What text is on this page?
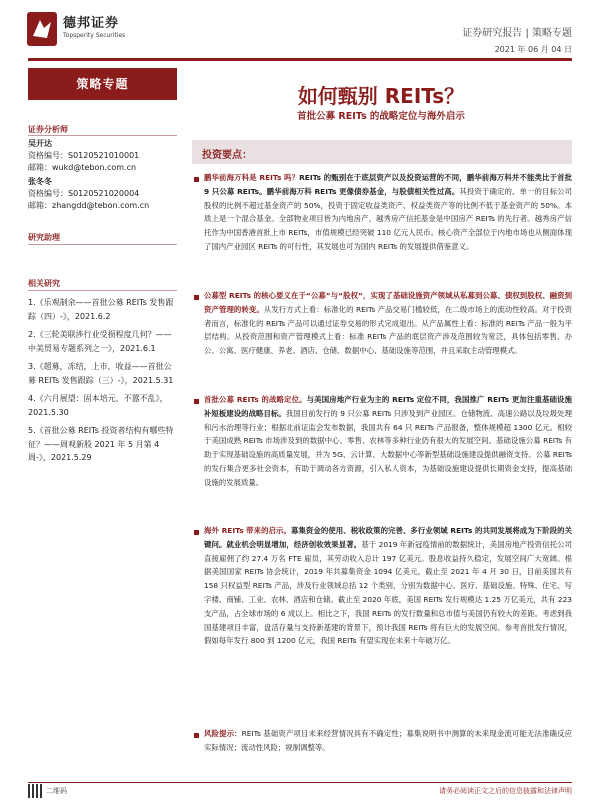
德邦证券
Topsperity Securities	证券研究报告 | 策略专题
2021 年 06 月 04 日
策略专题
证券分析师
吴开达
资格编号：S0120521010001
邮箱：wukd@tebon.com.cn
张冬冬
资格编号：S0120521020004
邮箱：zhangdd@tebon.com.cn
研究助理
相关研究

1.《乐观制余——首批公募 REITs 发售跟踪（四）-》，2021.6.2

2.《三轮美联涉行业受损程度几何？——中美贸易专题系列之一》，2021.6.1

3.《超募，冻结，上市，收益——首批公募 REITs 发售跟踪（三）-》，2021.5.31

4.《六月展望：固本培元，不嚣不乱》，2021.5.30

5.《首批公募 REITs 投资者结构有哪些特征？——周观新股 2021 年 5 月第 4 周-》，2021.5.29

如何甄别 REITs？
首批公募 REITs 的战略定位与海外启示
投资要点：
鹏华前海万科是 REITs 吗？REITs 的甄别在于底层资产以及投资运营的不同，鹏华前海万科并不能类比于首批 9 只公募 REITs。鹏华前海万科 REITs 更像债券基金，与股债相关性过高。其投资于确定的、单一的目标公司股权的比例不超过基金资产的 50%，投资于固定收益类资产、权益类资产等的比例不低于基金资产的 50%。本质上是一个混合基金。全部物业项目皆为内地房产，越秀房产信托基金是中国房产 REITs 的先行者。越秀房产信托作为中国香港首批上市 REITs，市值规模已经突破 110 亿元人民币。核心资产全部位于内地市场也从侧面体现了国内产业园区 REITs 的可行性，其发展也可为国内 REITs 的发展提供借鉴意义。
公募型 REITs 的核心要义在于“公募”与“股权”，实现了基础设施资产领域从私募到公募、债权到股权、融资到资产管理的转变。从发行方式上看：标准化的 REITs 产品交易门槛较低，在二级市场上的流动性较高。对于投资者而言，标准化的 REITs 产品可以通过证券交易的形式完成退出。从产品属性上看：标准的 REITs 产品一般为平层结构。从投资范围和资产管理模式上看：标准 REITs 产品的底层资产涉及范围较为宽泛，具体包括零售、办公、公寓、医疗健康、养老、酒店、仓储、数据中心、基础设施等范围，并且采取主动管理模式。
首批公募 REITs 的战略定位。与美国房地产行业为主的 REITs 定位不同，我国推广 REITs 更加注重基础设施补短板建设的战略目标。我国目前发行的 9 只公募 REITs 只涉及到产业园区、仓储物流、高速公路以及垃圾处理和污水治理等行业；根据北前证监会发布数据，我国共有 64 只 REITs 产品报备，整体规模超 1300 亿元。相较于美国成熟 REITs 市场涉及到的数据中心、零售、农林等多种行业仍有很大的发展空间。基础设施公募 REITs 有助于实现基础设施的高质量发展，并为 5G、云计算、大数据中心等新型基础设施建设提供融资支持。公募 REITs 的发行集合更多社会资本，有助于调动各方资源，引入私人资本，为基础设施建设提供长期资金支持，提高基础设施的发展质量。
海外 REITs 带来的启示。募集资金的使用、税收政策的完善、多行业领域 REITs 的共同发展将成为下阶段的关键问。就业机会明显增加，经济创收效果显著。基于 2019 年新冠疫情前的数据统计，美国房地产投资信托公司直接雇佣了约 27.4 万名 FTE 雇员，其劳动收入总计 197 亿美元。股息收益持久稳定，发展空间广大宽阔。根据美国国家 REITs 协会统计，2019 年共募集资金 1094 亿美元，截止至 2021 年 4 月 30 日，目前美国共有 158 只权益型 REITs 产品，涉及行业领域总括 12 个类别，分别为数据中心、医疗、基础设施、特殊、住宅、写字楼、商铺、工业、农林、酒店和仓储。截止至 2020 年底，美国 REITs 发行规模达 1.25 万亿美元，共有 223 支产品，占全球市场的 6 成以上。相比之下，我国 REITs 的发行数量和总市值与美国仍有较大的差距。考虑到我国基建项目丰富，盘活存量与支持新基建的背景下，预计我国 REITs 将有巨大的发展空间。参考首批发行情况，假如每年发行 800 到 1200 亿元，我国 REITs 有望实现在未来十年破万亿。
风险提示：REITs 基础资产项目未来经营情况具有不确定性；募集说明书中测算的未来现金流可能无法准确反应实际情况；流动性风险；规制调整等。
二维码	请务必阅读正文之后的信息披露和法律声明
